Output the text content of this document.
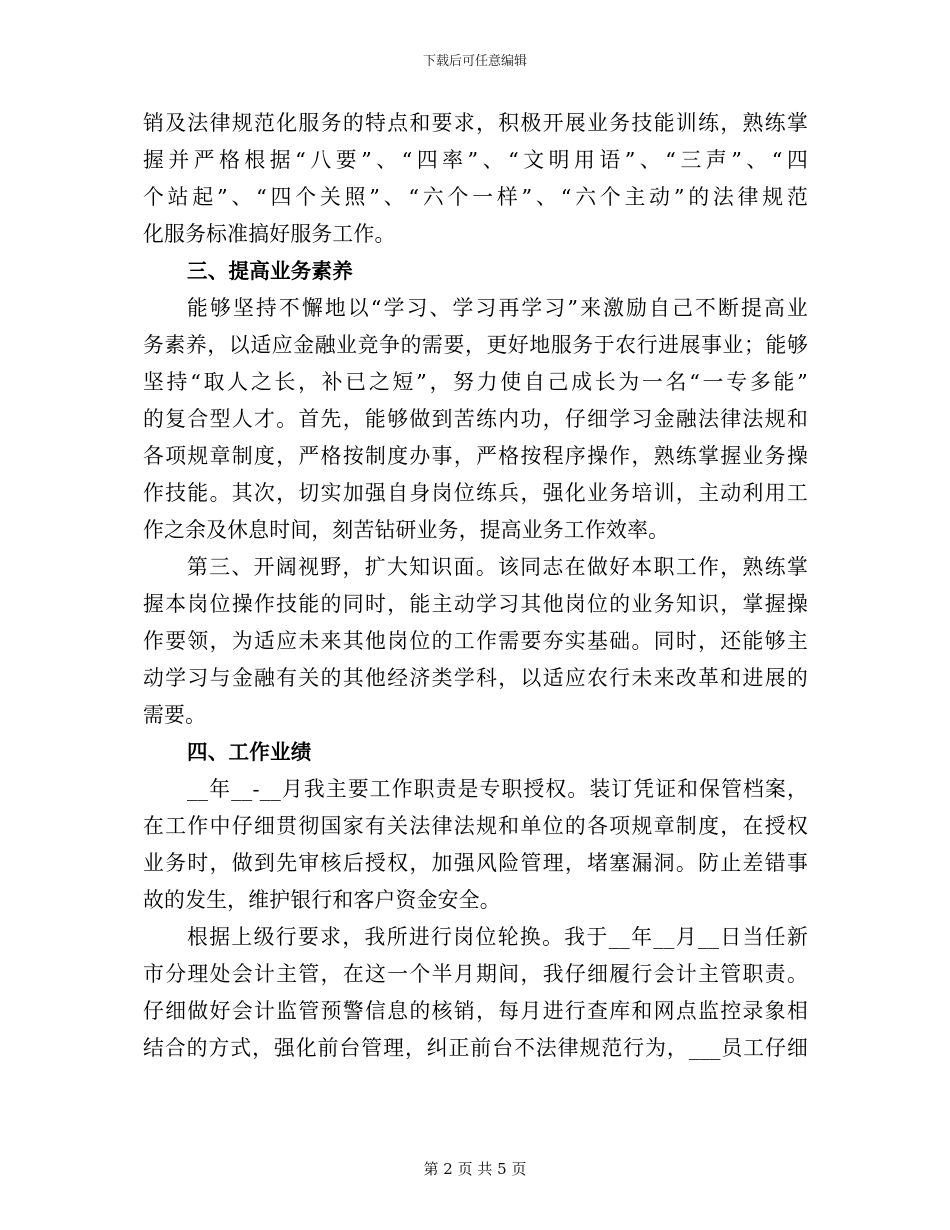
下载后可任意编辑
销及法律规范化服务的特点和要求，积极开展业务技能训练，熟练掌
握并严格根据“八要”、“四率”、“文明用语”、“三声”、“四
个站起”、“四个关照”、“六个一样”、“六个主动”的法律规范
化服务标准搞好服务工作。
三、提高业务素养
能够坚持不懈地以“学习、学习再学习”来激励自己不断提高业
务素养，以适应金融业竞争的需要，更好地服务于农行进展事业；能够
坚持“取人之长，补已之短”，努力使自己成长为一名“一专多能”
的复合型人才。首先，能够做到苦练内功，仔细学习金融法律法规和
各项规章制度，严格按制度办事，严格按程序操作，熟练掌握业务操
作技能。其次，切实加强自身岗位练兵，强化业务培训，主动利用工
作之余及休息时间，刻苦钻研业务，提高业务工作效率。
第三、开阔视野，扩大知识面。该同志在做好本职工作，熟练掌
握本岗位操作技能的同时，能主动学习其他岗位的业务知识，掌握操
作要领，为适应未来其他岗位的工作需要夯实基础。同时，还能够主
动学习与金融有关的其他经济类学科，以适应农行未来改革和进展的
需要。
四、工作业绩
__年__-__月我主要工作职责是专职授权。装订凭证和保管档案，
在工作中仔细贯彻国家有关法律法规和单位的各项规章制度，在授权
业务时，做到先审核后授权，加强风险管理，堵塞漏洞。防止差错事
故的发生，维护银行和客户资金安全。
根据上级行要求，我所进行岗位轮换。我于__年__月__日当任新
市分理处会计主管，在这一个半月期间，我仔细履行会计主管职责。
仔细做好会计监管预警信息的核销，每月进行查库和网点监控录象相
结合的方式，强化前台管理，纠正前台不法律规范行为，___员工仔细
第 2 页 共 5 页
